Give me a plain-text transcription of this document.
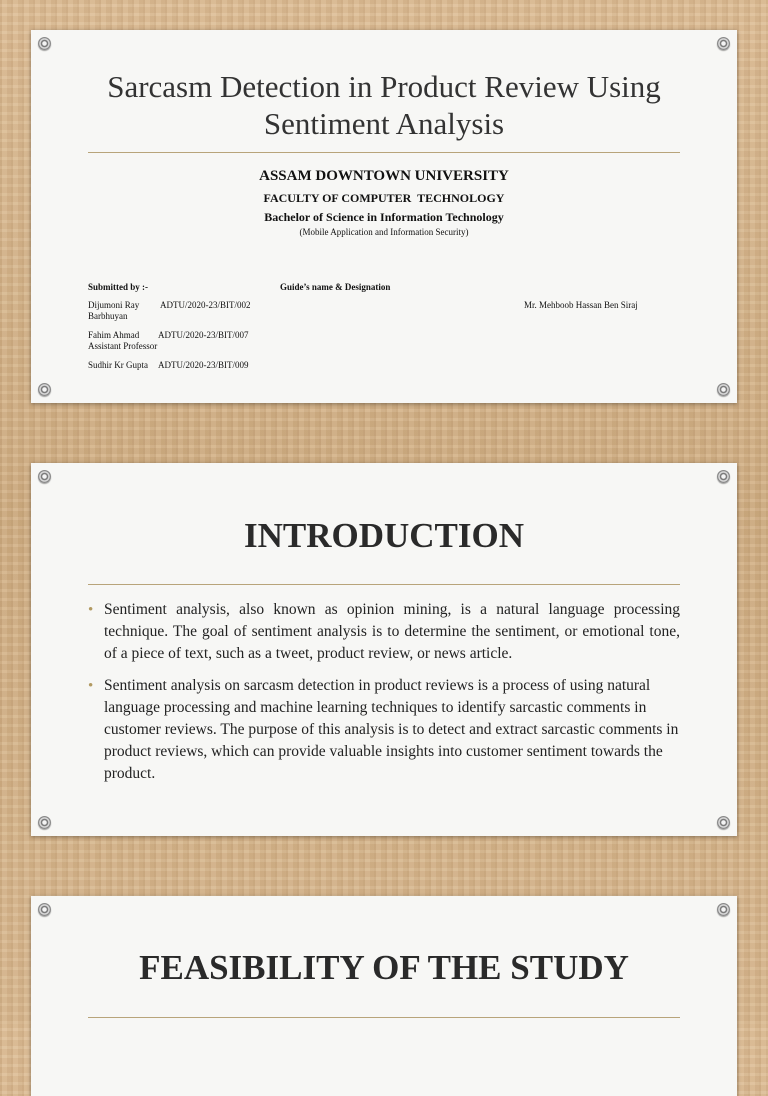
Sarcasm Detection in Product Review Using
Sentiment Analysis
ASSAM DOWNTOWN UNIVERSITY
FACULTY OF COMPUTER  TECHNOLOGY
Bachelor of Science in Information Technology
(Mobile Application and Information Security)
Submitted by :-	Guide’s name & Designation
Dijumoni Ray ADTU/2020-23/BIT/002
Barbhuyan
Mr. Mehboob Hassan Ben Siraj
Fahim Ahmad ADTU/2020-23/BIT/007
Assistant Professor
Sudhir Kr Gupta ADTU/2020-23/BIT/009
INTRODUCTION
• Sentiment analysis, also known as opinion mining, is a natural language processing technique. The goal of sentiment analysis is to determine the sentiment, or emotional tone, of a piece of text, such as a tweet, product review, or news article.
• Sentiment analysis on sarcasm detection in product reviews is a process of using natural language processing and machine learning techniques to identify sarcastic comments in customer reviews. The purpose of this analysis is to detect and extract sarcastic comments in product reviews, which can provide valuable insights into customer sentiment towards the product.
FEASIBILITY OF THE STUDY
